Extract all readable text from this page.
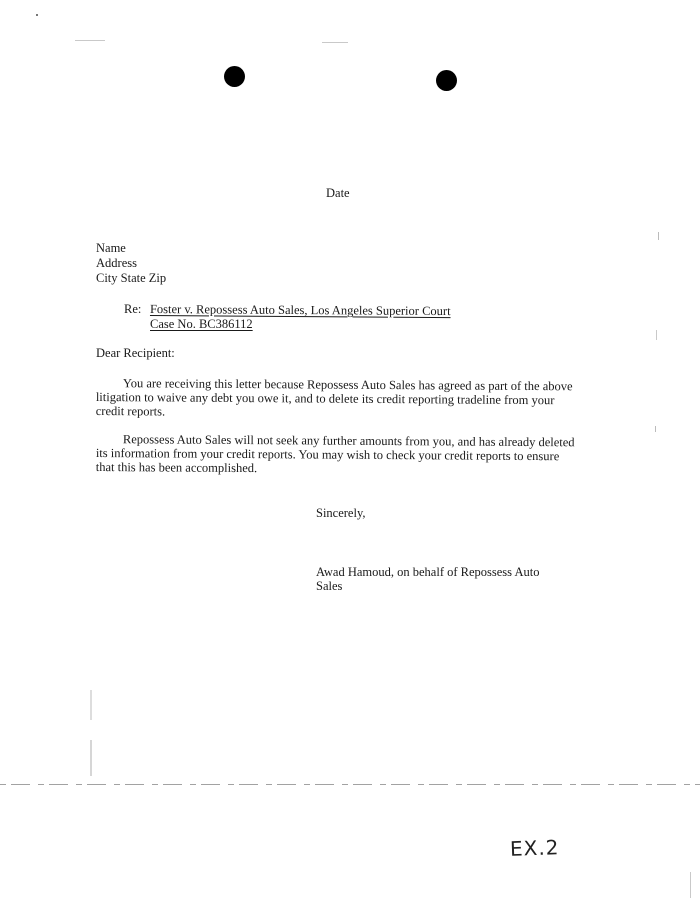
Date
Name
Address
City State Zip
Re: Foster v. Repossess Auto Sales, Los Angeles Superior Court
Case No. BC386112
Dear Recipient:
You are receiving this letter because Repossess Auto Sales has agreed as part of the above litigation to waive any debt you owe it, and to delete its credit reporting tradeline from your credit reports.
Repossess Auto Sales will not seek any further amounts from you, and has already deleted its information from your credit reports. You may wish to check your credit reports to ensure that this has been accomplished.
Sincerely,
Awad Hamoud, on behalf of Repossess Auto
Sales
EX.2
